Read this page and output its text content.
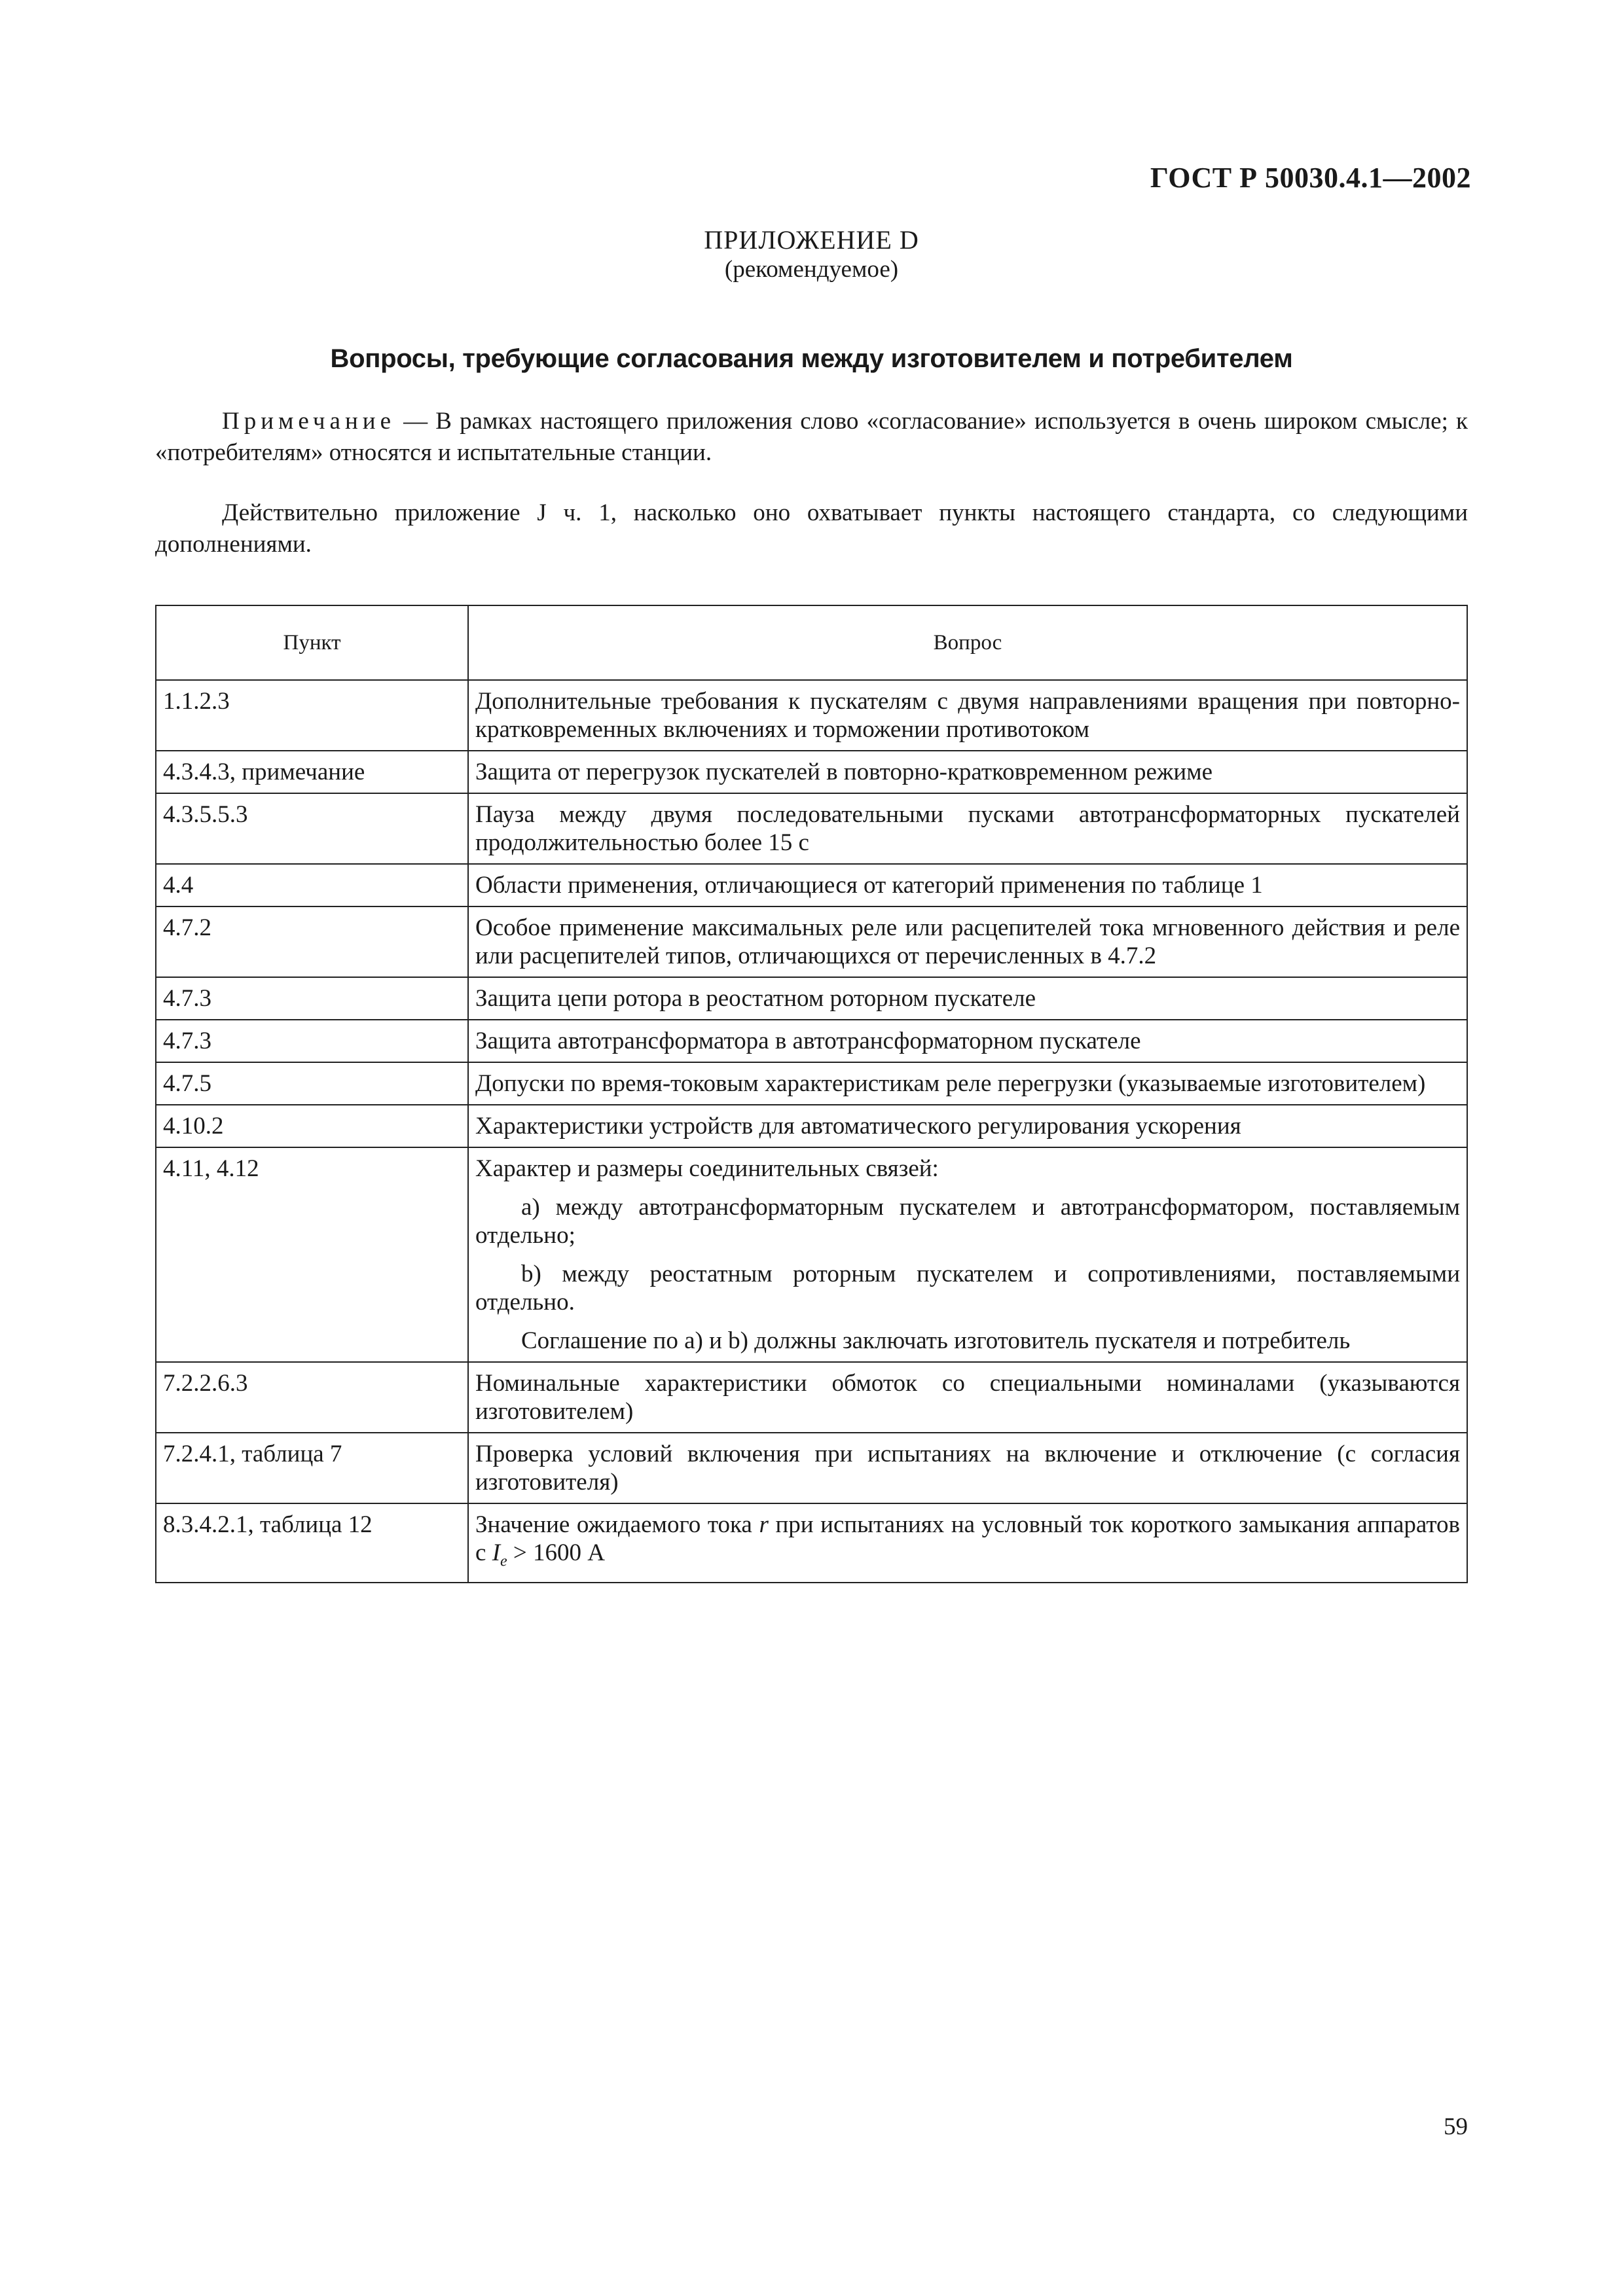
ГОСТ Р 50030.4.1—2002
ПРИЛОЖЕНИЕ D
(рекомендуемое)
Вопросы, требующие согласования между изготовителем и потребителем

Примечание — В рамках настоящего приложения слово «согласование» используется в очень широком смысле; к «потребителям» относятся и испытательные станции.

Действительно приложение J ч. 1, насколько оно охватывает пункты настоящего стандарта, со следующими дополнениями.

Пункт	Вопрос
1.1.2.3	Дополнительные требования к пускателям с двумя направлениями вращения при повторно-кратковременных включениях и торможении противотоком
4.3.4.3, примечание	Защита от перегрузок пускателей в повторно-кратковременном режиме
4.3.5.5.3	Пауза между двумя последовательными пусками автотрансформаторных пускателей продолжительностью более 15 с
4.4	Области применения, отличающиеся от категорий применения по таблице 1
4.7.2	Особое применение максимальных реле или расцепителей тока мгновенного действия и реле или расцепителей типов, отличающихся от перечисленных в 4.7.2
4.7.3	Защита цепи ротора в реостатном роторном пускателе
4.7.3	Защита автотрансформатора в автотрансформаторном пускателе
4.7.5	Допуски по время-токовым характеристикам реле перегрузки (указываемые изготовителем)
4.10.2	Характеристики устройств для автоматического регулирования ускорения
4.11, 4.12	Характер и размеры соединительных связей:

а) между автотрансформаторным пускателем и автотрансформатором, поставляемым отдельно;

b) между реостатным роторным пускателем и сопротивлениями, поставляемыми отдельно.

Соглашение по а) и b) должны заключать изготовитель пускателя и потребитель

7.2.2.6.3	Номинальные характеристики обмоток со специальными номиналами (указываются изготовителем)
7.2.4.1, таблица 7	Проверка условий включения при испытаниях на включение и отключение (с согласия изготовителя)
8.3.4.2.1, таблица 12	Значение ожидаемого тока r при испытаниях на условный ток короткого замыкания аппаратов с $I_e > 1600$ А
59
